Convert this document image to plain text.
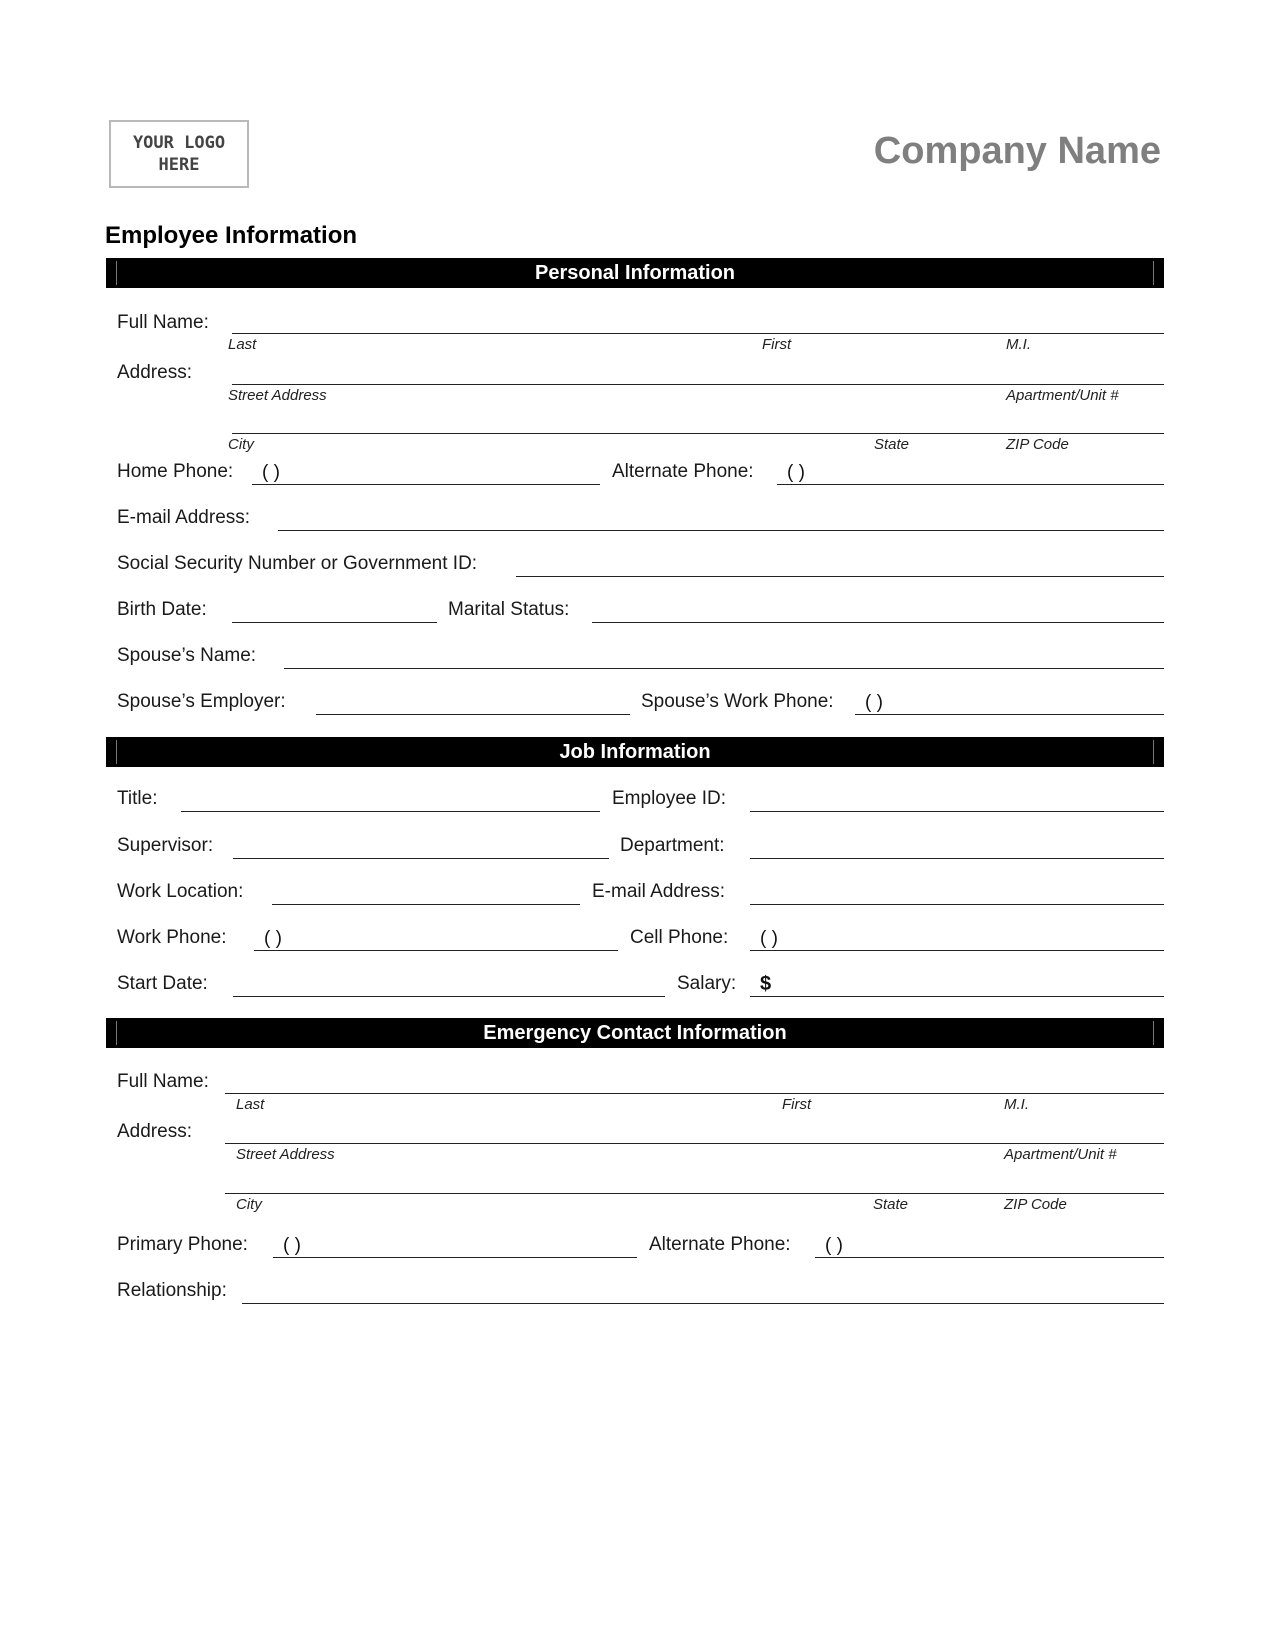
YOUR LOGO
HERE	Company Name
Employee Information
Personal Information
Full Name:
Last	First	M.I.
Address:
Street Address	Apartment/Unit #
City	State	ZIP Code
Home Phone: ( )	Alternate Phone: ( )
E-mail Address:
Social Security Number or Government ID:
Birth Date:	Marital Status:
Spouse’s Name:
Spouse’s Employer:	Spouse’s Work Phone: ( )
Job Information
Title:	Employee ID:
Supervisor:	Department:
Work Location:	E-mail Address:
Work Phone: ( )	Cell Phone: ( )
Start Date:	Salary: $
Emergency Contact Information
Full Name:
Last	First	M.I.
Address:
Street Address	Apartment/Unit #
City	State	ZIP Code
Primary Phone: ( )	Alternate Phone: ( )
Relationship:
